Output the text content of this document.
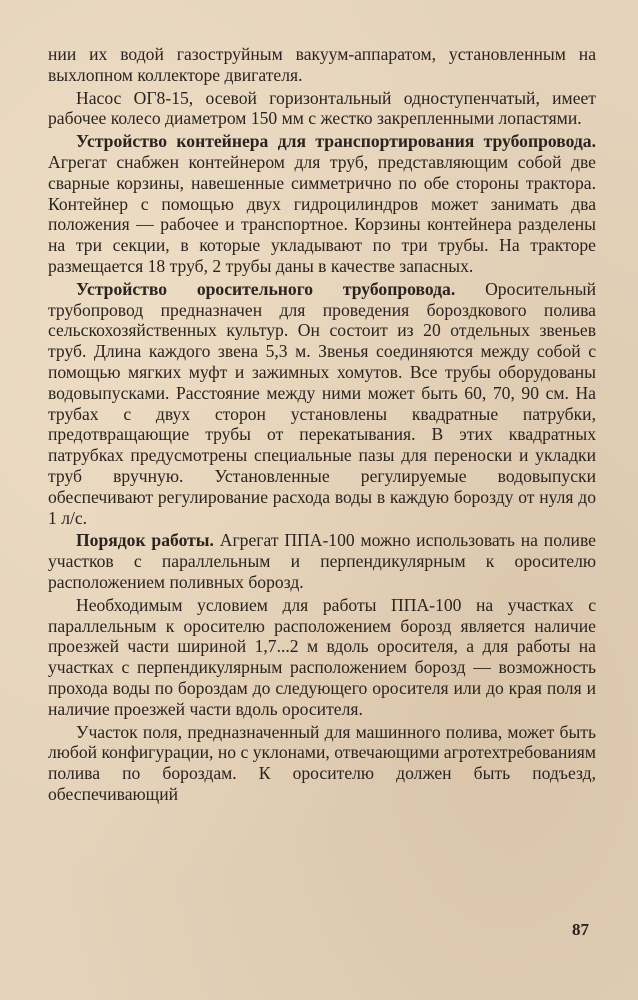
нии их водой газоструйным вакуум-аппаратом, установленным на выхлопном коллекторе двигателя.

Насос ОГ8-15, осевой горизонтальный одноступенчатый, имеет рабочее колесо диаметром 150 мм с жестко закрепленными лопастями.

Устройство контейнера для транспортирования трубопровода. Агрегат снабжен контейнером для труб, представляющим собой две сварные корзины, навешенные симметрично по обе стороны трактора. Контейнер с помощью двух гидроцилиндров может занимать два положения — рабочее и транспортное. Корзины контейнера разделены на три секции, в которые укладывают по три трубы. На тракторе размещается 18 труб, 2 трубы даны в качестве запасных.

Устройство оросительного трубопровода. Оросительный трубопровод предназначен для проведения бороздкового полива сельскохозяйственных культур. Он состоит из 20 отдельных звеньев труб. Длина каждого звена 5,3 м. Звенья соединяются между собой с помощью мягких муфт и зажимных хомутов. Все трубы оборудованы водовыпусками. Расстояние между ними может быть 60, 70, 90 см. На трубах с двух сторон установлены квадратные патрубки, предотвращающие трубы от перекатывания. В этих квадратных патрубках предусмотрены специальные пазы для переноски и укладки труб вручную. Установленные регулируемые водовыпуски обеспечивают регулирование расхода воды в каждую борозду от нуля до 1 л/с.

Порядок работы. Агрегат ППА-100 можно использовать на поливе участков с параллельным и перпендикулярным к оросителю расположением поливных борозд.

Необходимым условием для работы ППА-100 на участках с параллельным к оросителю расположением борозд является наличие проезжей части шириной 1,7...2 м вдоль оросителя, а для работы на участках с перпендикулярным расположением борозд — возможность прохода воды по бороздам до следующего оросителя или до края поля и наличие проезжей части вдоль оросителя.

Участок поля, предназначенный для машинного полива, может быть любой конфигурации, но с уклонами, отвечающими агротехтребованиям полива по бороздам. К оросителю должен быть подъезд, обеспечивающий

87
